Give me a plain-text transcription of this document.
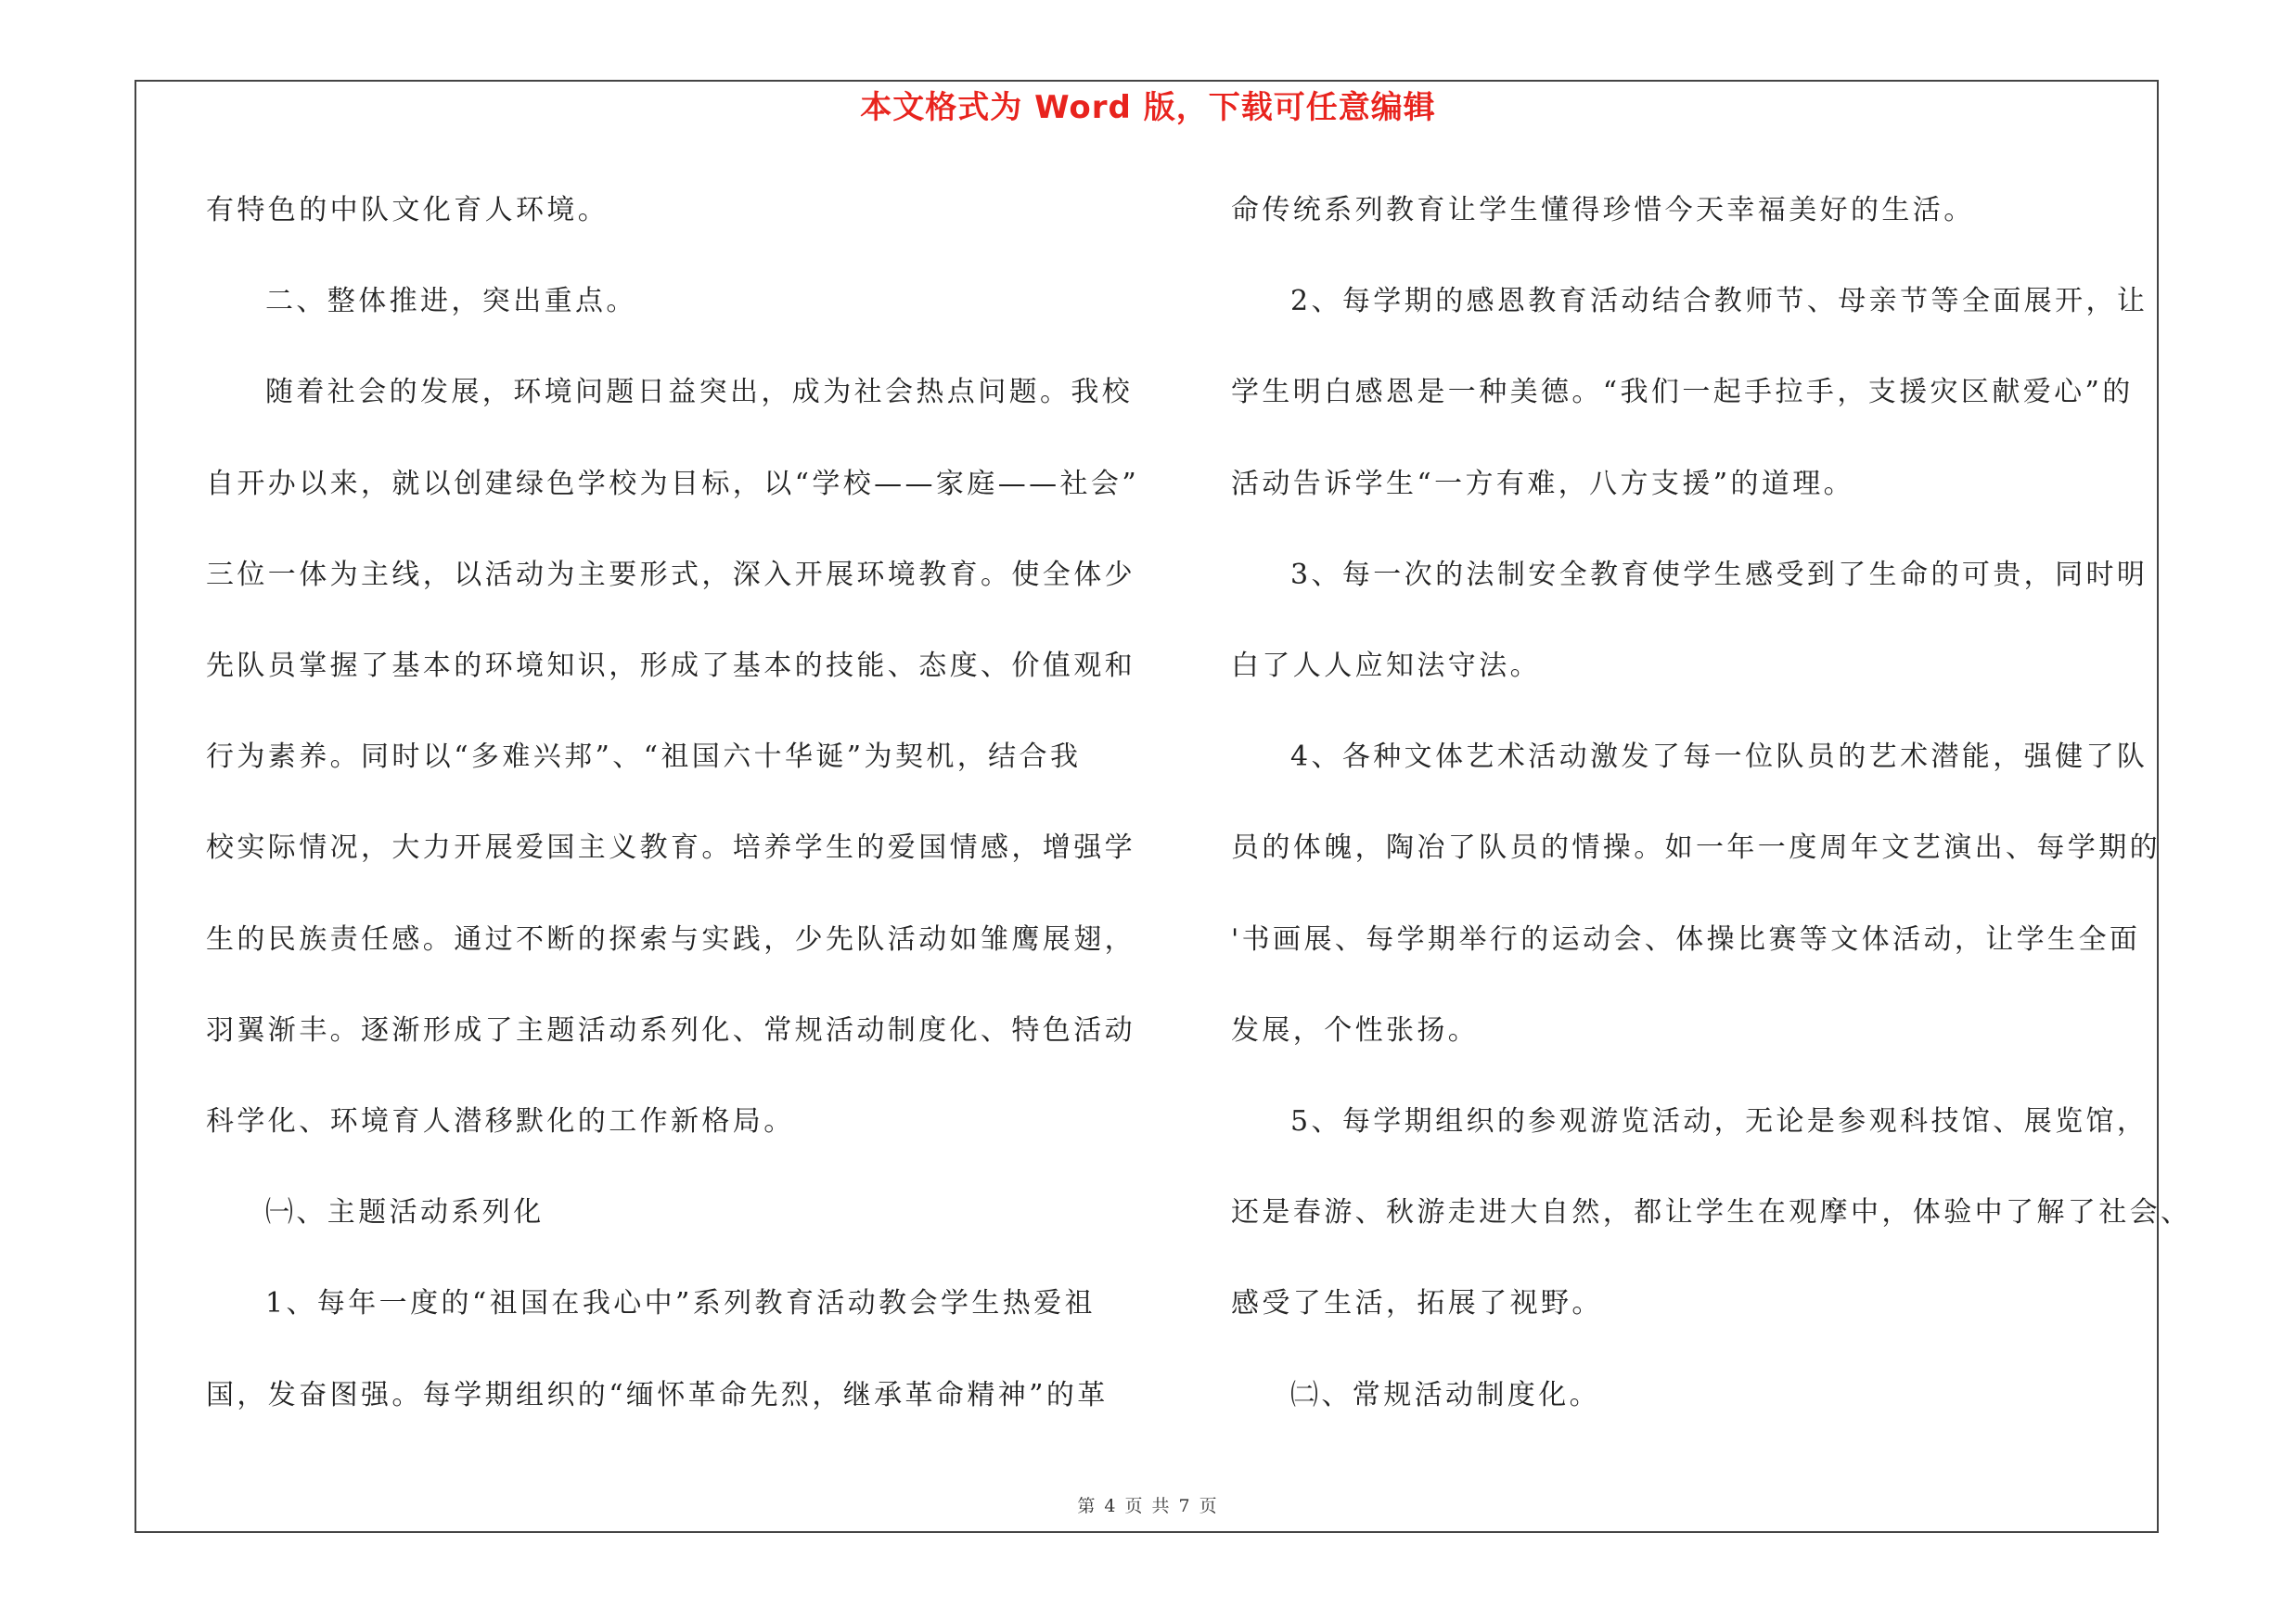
本文格式为 Word 版，下载可任意编辑

有特色的中队文化育人环境。

二、整体推进，突出重点。

随着社会的发展，环境问题日益突出，成为社会热点问题。我校

自开办以来，就以创建绿色学校为目标，以“学校——家庭——社会”

三位一体为主线，以活动为主要形式，深入开展环境教育。使全体少

先队员掌握了基本的环境知识，形成了基本的技能、态度、价值观和

行为素养。同时以“多难兴邦”、“祖国六十华诞”为契机，结合我

校实际情况，大力开展爱国主义教育。培养学生的爱国情感，增强学

生的民族责任感。通过不断的探索与实践，少先队活动如雏鹰展翅，

羽翼渐丰。逐渐形成了主题活动系列化、常规活动制度化、特色活动

科学化、环境育人潜移默化的工作新格局。

㈠、主题活动系列化

1、每年一度的“祖国在我心中”系列教育活动教会学生热爱祖

国，发奋图强。每学期组织的“缅怀革命先烈，继承革命精神”的革

命传统系列教育让学生懂得珍惜今天幸福美好的生活。

2、每学期的感恩教育活动结合教师节、母亲节等全面展开，让

学生明白感恩是一种美德。“我们一起手拉手，支援灾区献爱心”的

活动告诉学生“一方有难，八方支援”的道理。

3、每一次的法制安全教育使学生感受到了生命的可贵，同时明

白了人人应知法守法。

4、各种文体艺术活动激发了每一位队员的艺术潜能，强健了队

员的体魄，陶冶了队员的情操。如一年一度周年文艺演出、每学期的

'书画展、每学期举行的运动会、体操比赛等文体活动，让学生全面

发展，个性张扬。

5、每学期组织的参观游览活动，无论是参观科技馆、展览馆，

还是春游、秋游走进大自然，都让学生在观摩中，体验中了解了社会、

感受了生活，拓展了视野。

㈡、常规活动制度化。

第 4 页 共 7 页
